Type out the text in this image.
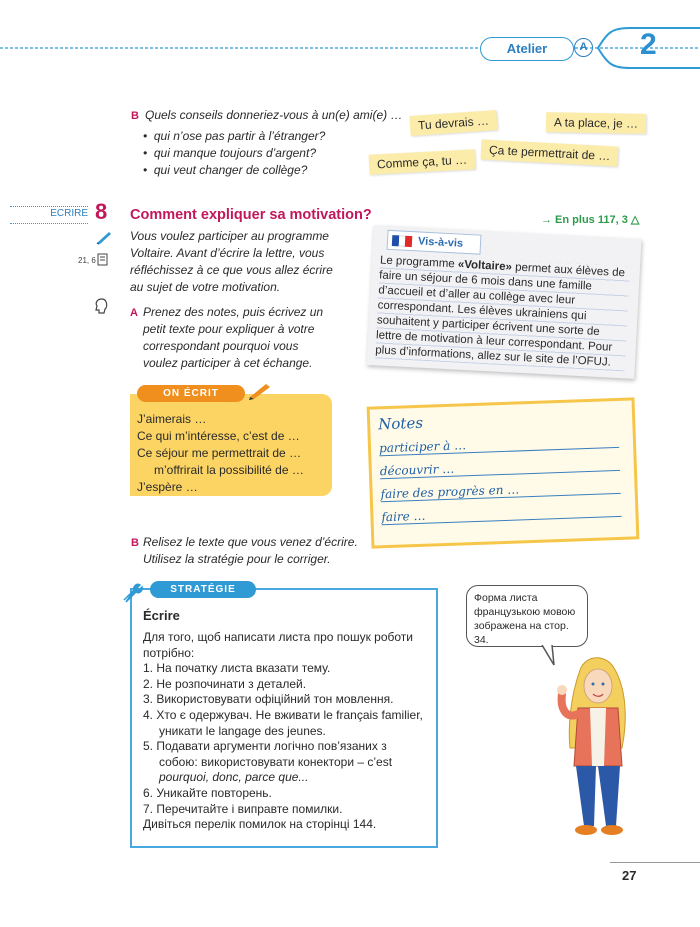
Atelier	A 2
B Quels conseils donneriez-vous à un(e) ami(e) …
•  qui n’ose pas partir à l’étranger?
•  qui manque toujours d’argent?
•  qui veut changer de collège?
Tu devrais …	A ta place, je …
Ça te permettrait de …
Comme ça, tu …
ECRIRE 8
21, 6
Comment expliquer sa motivation?
Vous voulez participer au programme
Voltaire. Avant d’écrire la lettre, vous
réfléchissez à ce que vous allez écrire
au sujet de votre motivation.
A Prenez des notes, puis écrivez un
petit texte pour expliquer à votre
correspondant pourquoi vous
voulez participer à cet échange.
→ En plus 117, 3 △
Vis-à-vis
Le programme «Voltaire» permet aux élèves de faire un séjour de 6 mois dans une famille d’accueil et d’aller au collège avec leur correspondant. Les élèves ukrainiens qui souhaitent y participer écrivent une sorte de lettre de motivation à leur correspondant. Pour plus d’informations, allez sur le site de l’OFUJ.
ON ÉCRIT
J’aimerais …
Ce qui m’intéresse, c’est de …
Ce séjour me permettrait de …
m’offrirait la possibilité de …
J’espère …
Notes
participer à …
découvrir …
faire des progrès en …
faire …
B Relisez le texte que vous venez d’écrire.
Utilisez la stratégie pour le corriger.
STRATÉGIE
Écrire
Для того, щоб написати листа про пошук роботи
потрібно:
1. На початку листа вказати тему.
2. Не розпочинати з деталей.
3. Використовувати офіційний тон мовлення.
4. Хто є одержувач. Не вживати le français familier,
уникати le langage des jeunes.
5. Подавати аргументи логічно пов’язаних з
собою: використовувати конектори – c’est
pourquoi, donc, parce que...
6. Уникайте повторень.
7. Перечитайте і виправте помилки.
Дивіться перелік помилок на сторінці 144.
Форма листа
французькою мовою
зображена на стор. 34.
27
